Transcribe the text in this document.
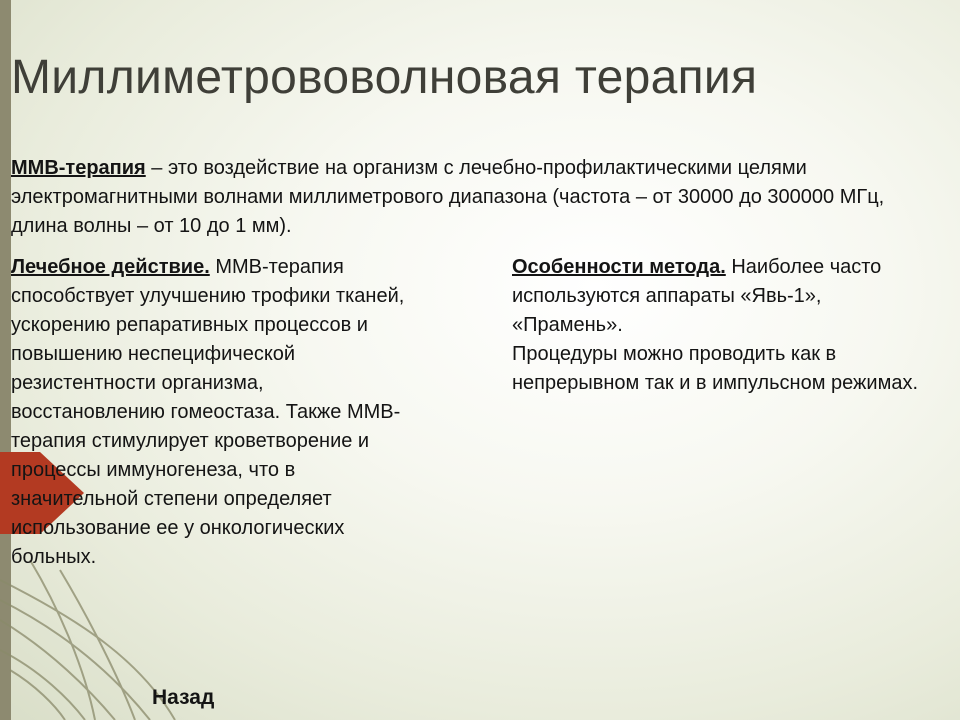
Миллиметрововолновая терапия
ММВ-терапия – это воздействие на организм с лечебно-профилактическими целями электромагнитными волнами миллиметрового диапазона (частота – от 30000 до 300000 МГц, длина волны – от 10 до 1 мм).

Лечебное действие. ММВ-терапия способствует улучшению трофики тканей, ускорению репаративных процессов и повышению неспецифической резистентности организма, восстановлению гомеостаза. Также ММВ-терапия стимулирует кроветворение и процессы иммуногенеза, что в значительной степени определяет использование ее у онкологических больных.

Особенности метода. Наиболее часто используются аппараты «Явь-1», «Прамень».

Процедуры можно проводить как в непрерывном так и в импульсном режимах.

Назад
